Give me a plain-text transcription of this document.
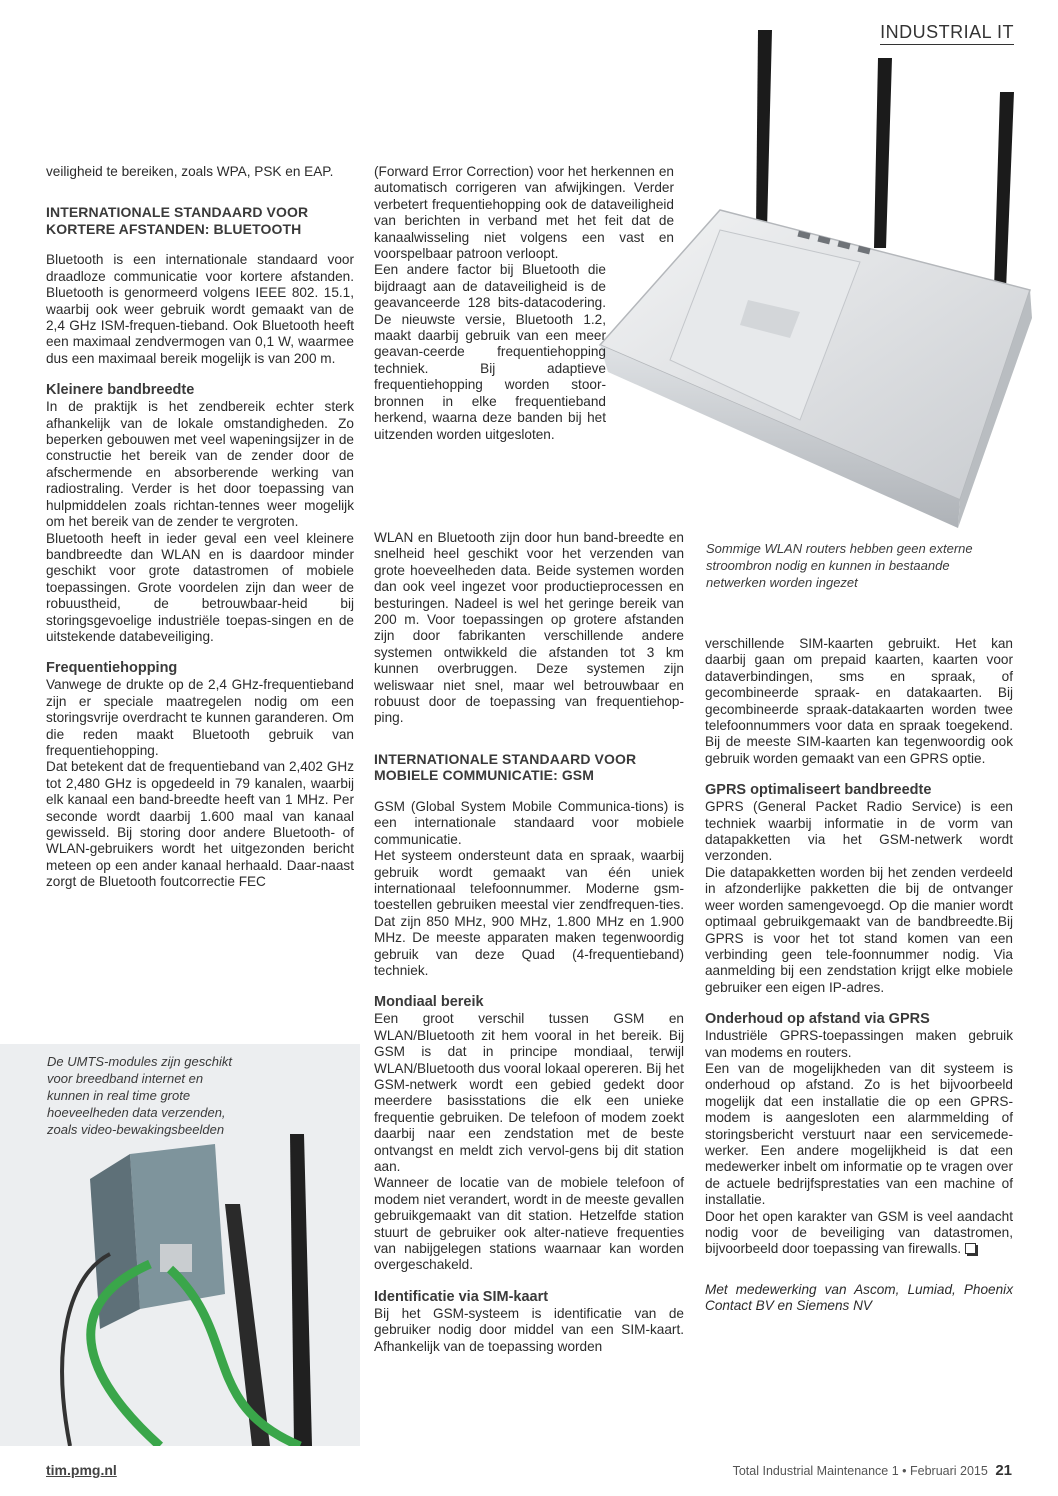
INDUSTRIAL IT
De UMTS-modules zijn geschikt voor breedband internet en kunnen in real time grote hoeveelheden data verzenden, zoals video-bewakingsbeelden

veiligheid te bereiken, zoals WPA, PSK en EAP.

INTERNATIONALE STANDAARD VOOR KORTERE AFSTANDEN: BLUETOOTH

Bluetooth is een internationale standaard voor draadloze communicatie voor kortere afstanden. Bluetooth is genormeerd volgens IEEE 802. 15.1, waarbij ook weer gebruik wordt gemaakt van de 2,4 GHz ISM-frequen-tieband. Ook Bluetooth heeft een maximaal zendvermogen van 0,1 W, waarmee dus een maximaal bereik mogelijk is van 200 m.

Kleinere bandbreedte

In de praktijk is het zendbereik echter sterk afhankelijk van de lokale omstandigheden. Zo beperken gebouwen met veel wapeningsijzer in de constructie het bereik van de zender door de afschermende en absorberende werking van radiostraling. Verder is het door toepassing van hulpmiddelen zoals richtan-tennes weer mogelijk om het bereik van de zender te vergroten.

Bluetooth heeft in ieder geval een veel kleinere bandbreedte dan WLAN en is daardoor minder geschikt voor grote datastromen of mobiele toepassingen. Grote voordelen zijn dan weer de robuustheid, de betrouwbaar-heid bij storingsgevoelige industriële toepas-singen en de uitstekende databeveiliging.

Frequentiehopping

Vanwege de drukte op de 2,4 GHz-frequentieband zijn er speciale maatregelen nodig om een storingsvrije overdracht te kunnen garanderen. Om die reden maakt Bluetooth gebruik van frequentiehopping.

Dat betekent dat de frequentieband van 2,402 GHz tot 2,480 GHz is opgedeeld in 79 kanalen, waarbij elk kanaal een band-breedte heeft van 1 MHz. Per seconde wordt daarbij 1.600 maal van kanaal gewisseld. Bij storing door andere Bluetooth- of WLAN-gebruikers wordt het uitgezonden bericht meteen op een ander kanaal herhaald. Daar-naast zorgt de Bluetooth foutcorrectie FEC

(Forward Error Correction) voor het herkennen en automatisch corrigeren van afwijkingen. Verder verbetert frequentiehopping ook de dataveiligheid van berichten in verband met het feit dat de kanaalwisseling niet volgens een vast en voorspelbaar patroon verloopt.

Een andere factor bij Bluetooth die bijdraagt aan de dataveiligheid is de geavanceerde 128 bits-datacodering. De nieuwste versie, Bluetooth 1.2, maakt daarbij gebruik van een meer geavan-ceerde frequentiehopping techniek. Bij adaptieve frequentiehopping worden stoor-bronnen in elke frequentieband herkend, waarna deze banden bij het uitzenden worden uitgesloten.

WLAN en Bluetooth zijn door hun band-breedte en snelheid heel geschikt voor het verzenden van grote hoeveelheden data. Beide systemen worden dan ook veel ingezet voor productieprocessen en besturingen. Nadeel is wel het geringe bereik van 200 m. Voor toepassingen op grotere afstanden zijn door fabrikanten verschillende andere systemen ontwikkeld die afstanden tot 3 km kunnen overbruggen. Deze systemen zijn weliswaar niet snel, maar wel betrouwbaar en robuust door de toepassing van frequentiehop-ping.

INTERNATIONALE STANDAARD VOOR MOBIELE COMMUNICATIE: GSM

GSM (Global System Mobile Communica-tions) is een internationale standaard voor mobiele communicatie.

Het systeem ondersteunt data en spraak, waarbij gebruik wordt gemaakt van één uniek internationaal telefoonnummer. Moderne gsm-toestellen gebruiken meestal vier zendfrequen-ties. Dat zijn 850 MHz, 900 MHz, 1.800 MHz en 1.900 MHz. De meeste apparaten maken tegenwoordig gebruik van deze Quad (4-frequentieband) techniek.

Mondiaal bereik

Een groot verschil tussen GSM en WLAN/Bluetooth zit hem vooral in het bereik. Bij GSM is dat in principe mondiaal, terwijl WLAN/Bluetooth dus vooral lokaal opereren. Bij het GSM-netwerk wordt een gebied gedekt door meerdere basisstations die elk een unieke frequentie gebruiken. De telefoon of modem zoekt daarbij naar een zendstation met de beste ontvangst en meldt zich vervol-gens bij dit station aan.

Wanneer de locatie van de mobiele telefoon of modem niet verandert, wordt in de meeste gevallen gebruikgemaakt van dit station. Hetzelfde station stuurt de gebruiker ook alter-natieve frequenties van nabijgelegen stations waarnaar kan worden overgeschakeld.

Identificatie via SIM-kaart

Bij het GSM-systeem is identificatie van de gebruiker nodig door middel van een SIM-kaart. Afhankelijk van de toepassing worden

Sommige WLAN routers hebben geen externe stroombron nodig en kunnen in bestaande netwerken worden ingezet

verschillende SIM-kaarten gebruikt. Het kan daarbij gaan om prepaid kaarten, kaarten voor dataverbindingen, sms en spraak, of gecombineerde spraak- en datakaarten. Bij gecombineerde spraak-datakaarten worden twee telefoonnummers voor data en spraak toegekend. Bij de meeste SIM-kaarten kan tegenwoordig ook gebruik worden gemaakt van een GPRS optie.

GPRS optimaliseert bandbreedte

GPRS (General Packet Radio Service) is een techniek waarbij informatie in de vorm van datapakketten via het GSM-netwerk wordt verzonden.

Die datapakketten worden bij het zenden verdeeld in afzonderlijke pakketten die bij de ontvanger weer worden samengevoegd. Op die manier wordt optimaal gebruikgemaakt van de bandbreedte.Bij GPRS is voor het tot stand komen van een verbinding geen tele-foonnummer nodig. Via aanmelding bij een zendstation krijgt elke mobiele gebruiker een eigen IP-adres.

Onderhoud op afstand via GPRS

Industriële GPRS-toepassingen maken gebruik van modems en routers.

Een van de mogelijkheden van dit systeem is onderhoud op afstand. Zo is het bijvoorbeeld mogelijk dat een installatie die op een GPRS-modem is aangesloten een alarmmelding of storingsbericht verstuurt naar een servicemede-werker. Een andere mogelijkheid is dat een medewerker inbelt om informatie op te vragen over de actuele bedrijfsprestaties van een machine of installatie.

Door het open karakter van GSM is veel aandacht nodig voor de beveiliging van datastromen, bijvoorbeeld door toepassing van firewalls.

Met medewerking van Ascom, Lumiad, Phoenix Contact BV en Siemens NV

tim.pmg.nl	Total Industrial Maintenance 1 • Februari 2015 21
